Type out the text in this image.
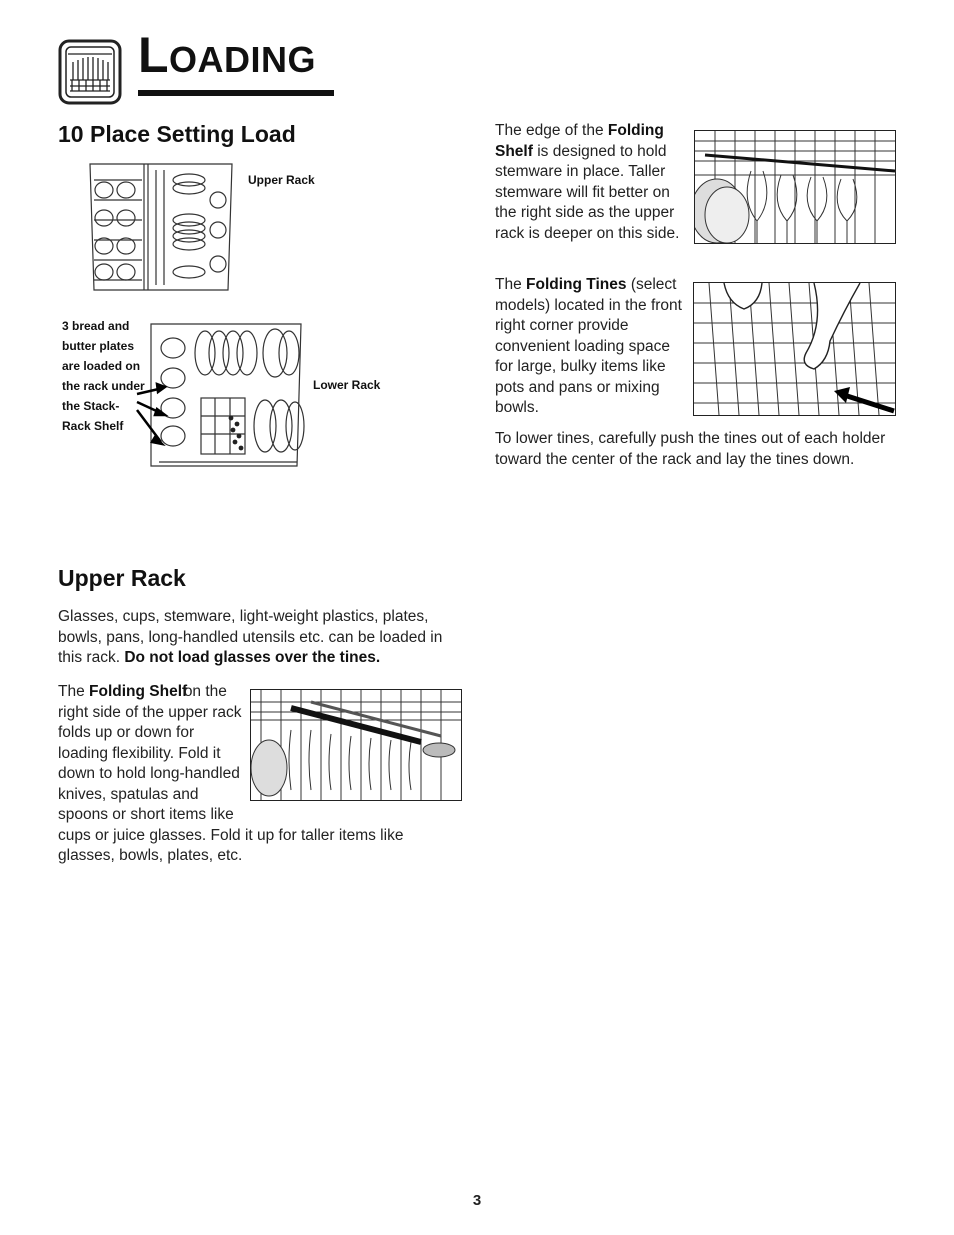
LOADING
10 Place Setting Load
Upper Rack
3 bread and
butter plates
are loaded on
the rack under
the Stack-
Rack Shelf
Lower Rack
Upper Rack

Glasses, cups, stemware, light-weight plastics, plates, bowls, pans, long-handled utensils etc. can be loaded in this rack. Do not load glasses over the tines.

The Folding Shelf

on the right side of the upper rack folds up or down for loading flexibility. Fold it down to hold long-handled knives, spatulas and spoons or short items like cups or juice glasses. Fold it up for taller items like glasses, bowls, plates, etc.

The edge of the Folding Shelf is designed to hold stemware in place. Taller stemware will fit better on the right side as the upper rack is deeper on this side.

The Folding Tines (select models) located in the front right corner provide convenient loading space for large, bulky items like pots and pans or mixing bowls.

To lower tines, carefully push the tines out of each holder toward the center of the rack and lay the tines down.

3
